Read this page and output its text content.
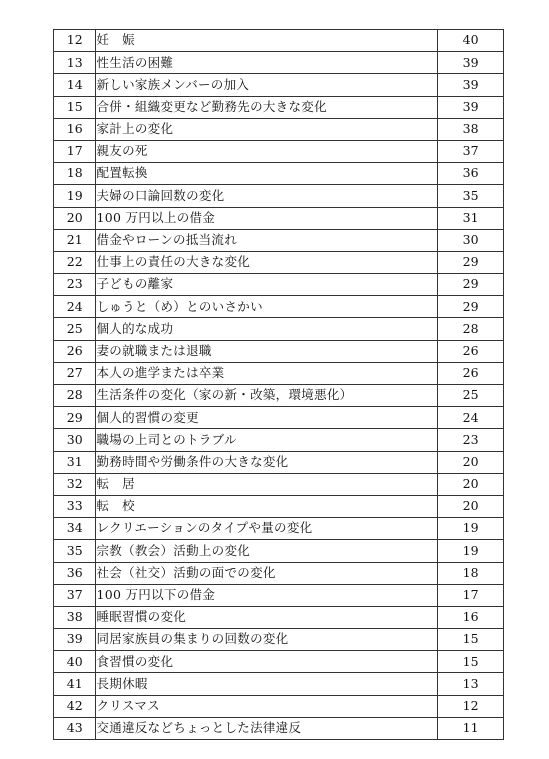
12	妊　娠	40
13	性生活の困難	39
14	新しい家族メンバーの加入	39
15	合併・組織変更など勤務先の大きな変化	39
16	家計上の変化	38
17	親友の死	37
18	配置転換	36
19	夫婦の口論回数の変化	35
20	100 万円以上の借金	31
21	借金やローンの抵当流れ	30
22	仕事上の責任の大きな変化	29
23	子どもの離家	29
24	しゅうと（め）とのいさかい	29
25	個人的な成功	28
26	妻の就職または退職	26
27	本人の進学または卒業	26
28	生活条件の変化（家の新・改築，環境悪化）	25
29	個人的習慣の変更	24
30	職場の上司とのトラブル	23
31	勤務時間や労働条件の大きな変化	20
32	転　居	20
33	転　校	20
34	レクリエーションのタイプや量の変化	19
35	宗教（教会）活動上の変化	19
36	社会（社交）活動の面での変化	18
37	100 万円以下の借金	17
38	睡眠習慣の変化	16
39	同居家族員の集まりの回数の変化	15
40	食習慣の変化	15
41	長期休暇	13
42	クリスマス	12
43	交通違反などちょっとした法律違反	11
